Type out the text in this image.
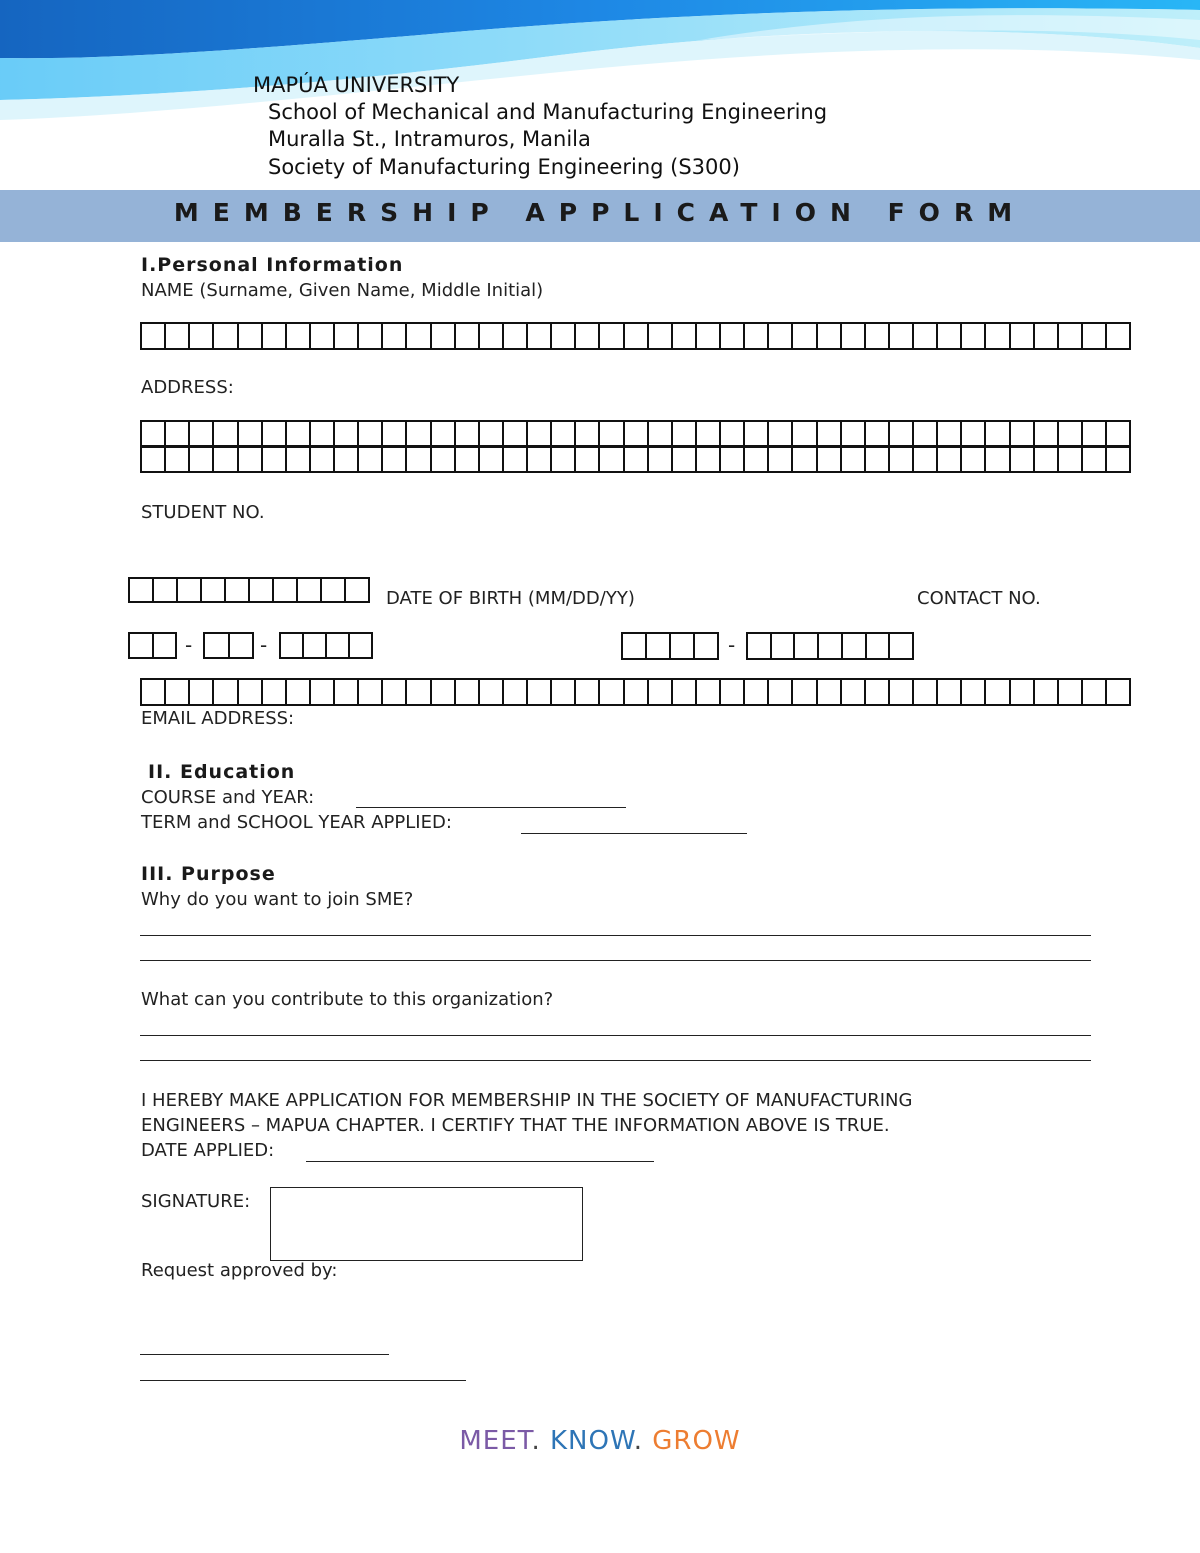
MAPÚA UNIVERSITY
School of Mechanical and Manufacturing Engineering
Muralla St., Intramuros, Manila
Society of Manufacturing Engineering (S300)
MEMBERSHIP APPLICATION FORM
I.Personal Information
NAME (Surname, Given Name, Middle Initial)
ADDRESS:
STUDENT NO.
DATE OF BIRTH (MM/DD/YY)	CONTACT NO.
-	-	-
EMAIL ADDRESS:
II. Education
COURSE and YEAR:
TERM and SCHOOL YEAR APPLIED:
III. Purpose
Why do you want to join SME?
What can you contribute to this organization?
I HEREBY MAKE APPLICATION FOR MEMBERSHIP IN THE SOCIETY OF MANUFACTURING
ENGINEERS – MAPUA CHAPTER. I CERTIFY THAT THE INFORMATION ABOVE IS TRUE.
DATE APPLIED:
SIGNATURE:
Request approved by:
MEET. KNOW. GROW
